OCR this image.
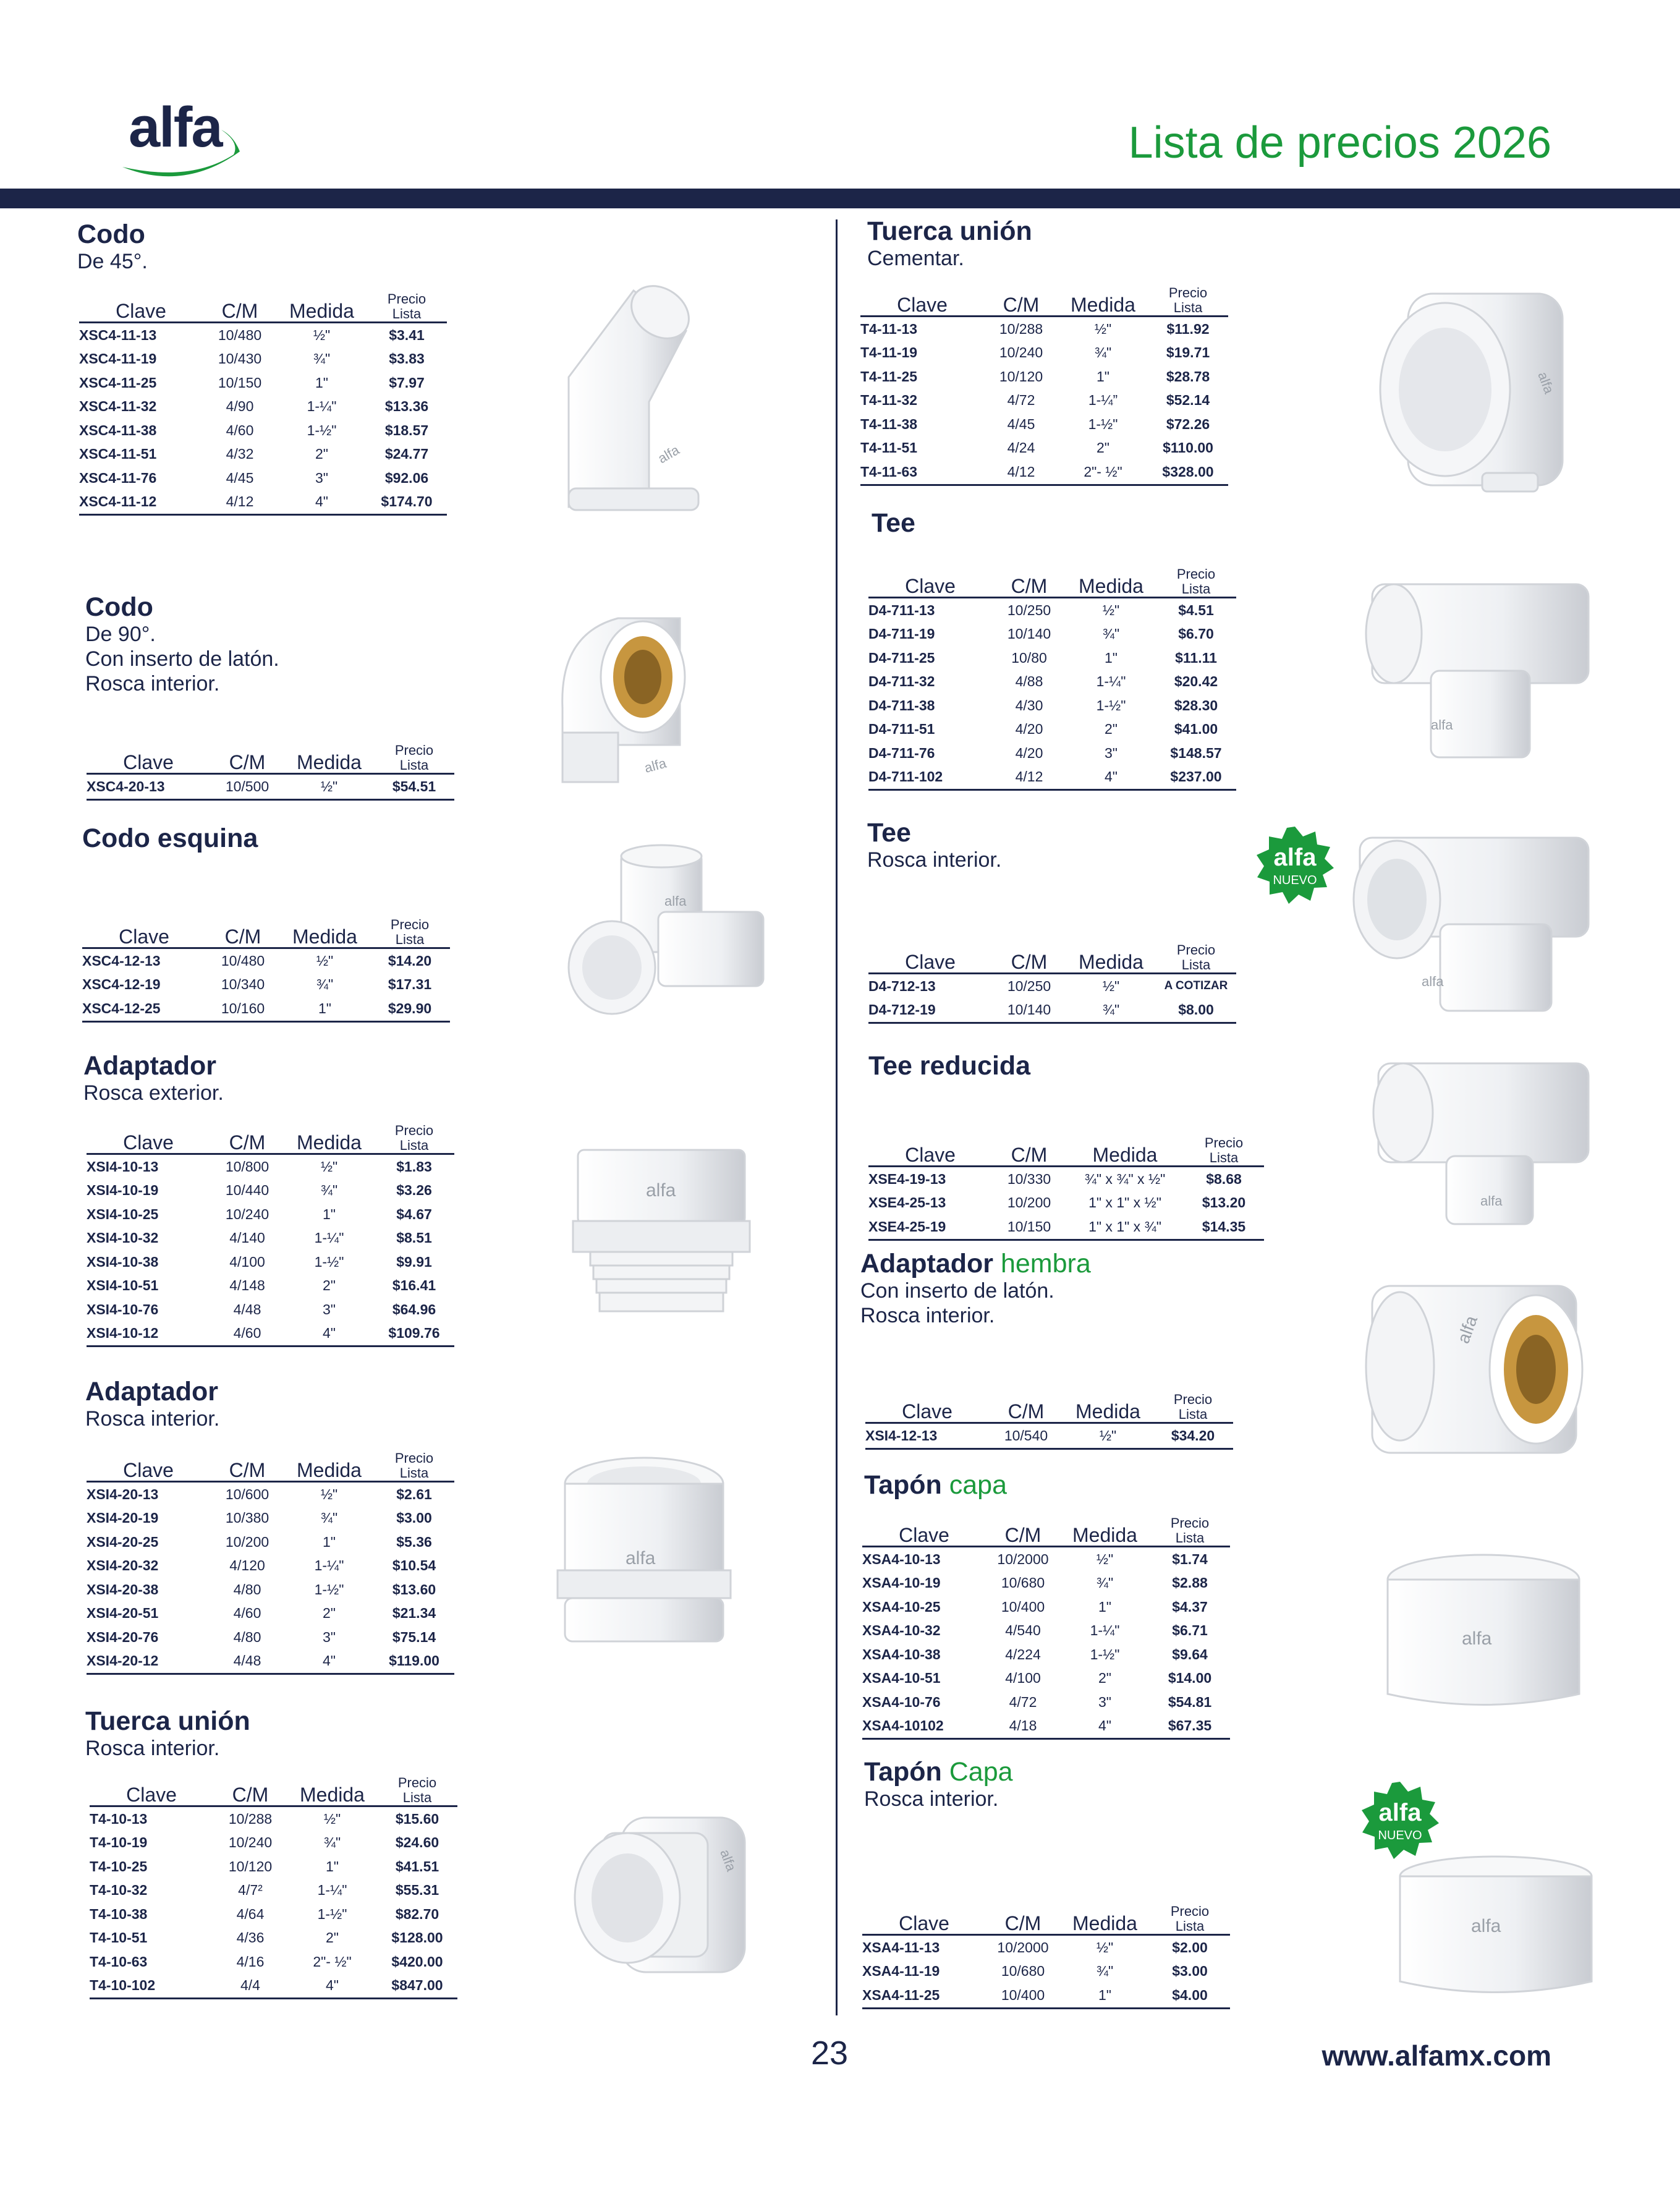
alfa	Lista de precios 2026
Codo
De 45°.
Clave	C/M	Medida
Precio
Lista
XSC4-11-13	10/480	½"	$3.41
XSC4-11-19	10/430	¾"	$3.83
XSC4-11-25	10/150	1"	$7.97
XSC4-11-32	4/90	1-¼"	$13.36
XSC4-11-38	4/60	1-½"	$18.57
XSC4-11-51	4/32	2"	$24.77
XSC4-11-76	4/45	3"	$92.06
XSC4-11-12	4/12	4"	$174.70
Codo
De 90°.
Con inserto de latón.
Rosca interior.
Clave	C/M	Medida
Precio
Lista
XSC4-20-13	10/500	½"	$54.51
Codo esquina
Clave	C/M	Medida
Precio
Lista
XSC4-12-13	10/480	½"	$14.20
XSC4-12-19	10/340	¾"	$17.31
XSC4-12-25	10/160	1"	$29.90
Adaptador
Rosca exterior.
Clave	C/M	Medida
Precio
Lista
XSI4-10-13	10/800	½"	$1.83
XSI4-10-19	10/440	¾"	$3.26
XSI4-10-25	10/240	1"	$4.67
XSI4-10-32	4/140	1-¼"	$8.51
XSI4-10-38	4/100	1-½"	$9.91
XSI4-10-51	4/148	2"	$16.41
XSI4-10-76	4/48	3"	$64.96
XSI4-10-12	4/60	4"	$109.76
Adaptador
Rosca interior.
Clave	C/M	Medida
Precio
Lista
XSI4-20-13	10/600	½"	$2.61
XSI4-20-19	10/380	¾"	$3.00
XSI4-20-25	10/200	1"	$5.36
XSI4-20-32	4/120	1-¼"	$10.54
XSI4-20-38	4/80	1-½"	$13.60
XSI4-20-51	4/60	2"	$21.34
XSI4-20-76	4/80	3"	$75.14
XSI4-20-12	4/48	4"	$119.00
Tuerca unión
Rosca interior.
Clave	C/M	Medida
Precio
Lista
T4-10-13	10/288	½"	$15.60
T4-10-19	10/240	¾"	$24.60
T4-10-25	10/120	1"	$41.51
T4-10-32	4/7²	1-¼"	$55.31
T4-10-38	4/64	1-½"	$82.70
T4-10-51	4/36	2"	$128.00
T4-10-63	4/16	2"- ½"	$420.00
T4-10-102	4/4	4"	$847.00
Tuerca unión
Cementar.
Clave	C/M	Medida
Precio
Lista
T4-11-13	10/288	½"	$11.92
T4-11-19	10/240	¾"	$19.71
T4-11-25	10/120	1"	$28.78
T4-11-32	4/72	1-¼”	$52.14
T4-11-38	4/45	1-½"	$72.26
T4-11-51	4/24	2"	$110.00
T4-11-63	4/12	2"- ½"	$328.00
Tee
Clave	C/M	Medida
Precio
Lista
D4-711-13	10/250	½"	$4.51
D4-711-19	10/140	¾"	$6.70
D4-711-25	10/80	1"	$11.11
D4-711-32	4/88	1-¼"	$20.42
D4-711-38	4/30	1-½"	$28.30
D4-711-51	4/20	2"	$41.00
D4-711-76	4/20	3"	$148.57
D4-711-102	4/12	4"	$237.00
Tee
Rosca interior.
Clave	C/M	Medida
Precio
Lista
D4-712-13	10/250	½"	A COTIZAR
D4-712-19	10/140	¾"	$8.00
Tee reducida
Clave	C/M	Medida
Precio
Lista
XSE4-19-13	10/330	¾" x ¾" x ½"	$8.68
XSE4-25-13	10/200	1" x 1" x ½"	$13.20
XSE4-25-19	10/150	1" x 1" x ¾"	$14.35
Adaptador hembra
Con inserto de latón.
Rosca interior.
Clave	C/M	Medida
Precio
Lista
XSI4-12-13	10/540	½"	$34.20
Tapón capa
Clave	C/M	Medida
Precio
Lista
XSA4-10-13	10/2000	½"	$1.74
XSA4-10-19	10/680	¾"	$2.88
XSA4-10-25	10/400	1"	$4.37
XSA4-10-32	4/540	1-¼"	$6.71
XSA4-10-38	4/224	1-½"	$9.64
XSA4-10-51	4/100	2"	$14.00
XSA4-10-76	4/72	3"	$54.81
XSA4-10102	4/18	4"	$67.35
Tapón Capa
Rosca interior.
Clave	C/M	Medida
Precio
Lista
XSA4-11-13	10/2000	½"	$2.00
XSA4-11-19	10/680	¾"	$3.00
XSA4-11-25	10/400	1"	$4.00
alfa
alfa
alfa
alfa
alfa
alfa
alfa
alfa
alfa
alfa
alfa
alfa
alfa
alfa
NUEVO
alfa
NUEVO
23	www.alfamx.com
